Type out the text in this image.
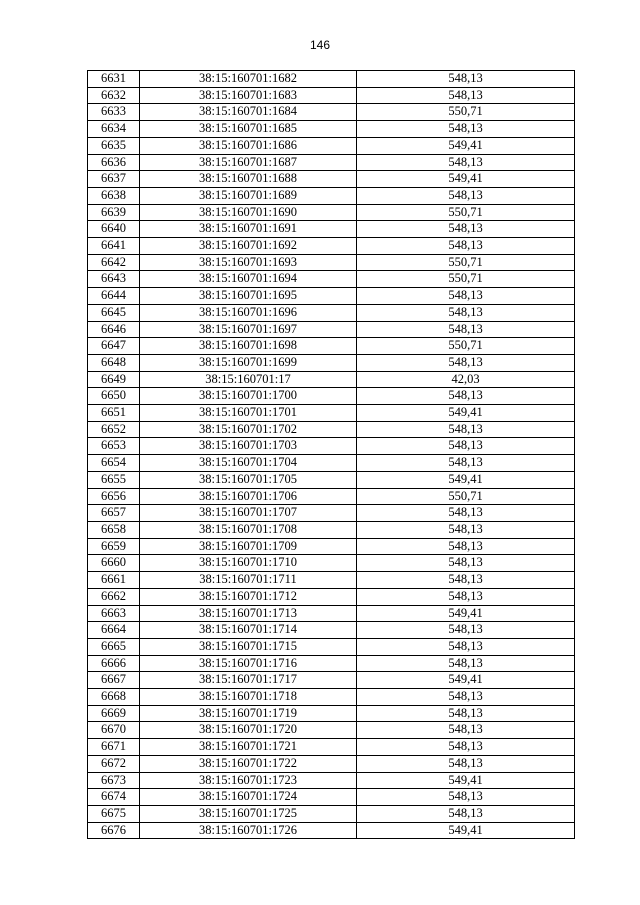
146
6631	38:15:160701:1682	548,13
6632	38:15:160701:1683	548,13
6633	38:15:160701:1684	550,71
6634	38:15:160701:1685	548,13
6635	38:15:160701:1686	549,41
6636	38:15:160701:1687	548,13
6637	38:15:160701:1688	549,41
6638	38:15:160701:1689	548,13
6639	38:15:160701:1690	550,71
6640	38:15:160701:1691	548,13
6641	38:15:160701:1692	548,13
6642	38:15:160701:1693	550,71
6643	38:15:160701:1694	550,71
6644	38:15:160701:1695	548,13
6645	38:15:160701:1696	548,13
6646	38:15:160701:1697	548,13
6647	38:15:160701:1698	550,71
6648	38:15:160701:1699	548,13
6649	38:15:160701:17	42,03
6650	38:15:160701:1700	548,13
6651	38:15:160701:1701	549,41
6652	38:15:160701:1702	548,13
6653	38:15:160701:1703	548,13
6654	38:15:160701:1704	548,13
6655	38:15:160701:1705	549,41
6656	38:15:160701:1706	550,71
6657	38:15:160701:1707	548,13
6658	38:15:160701:1708	548,13
6659	38:15:160701:1709	548,13
6660	38:15:160701:1710	548,13
6661	38:15:160701:1711	548,13
6662	38:15:160701:1712	548,13
6663	38:15:160701:1713	549,41
6664	38:15:160701:1714	548,13
6665	38:15:160701:1715	548,13
6666	38:15:160701:1716	548,13
6667	38:15:160701:1717	549,41
6668	38:15:160701:1718	548,13
6669	38:15:160701:1719	548,13
6670	38:15:160701:1720	548,13
6671	38:15:160701:1721	548,13
6672	38:15:160701:1722	548,13
6673	38:15:160701:1723	549,41
6674	38:15:160701:1724	548,13
6675	38:15:160701:1725	548,13
6676	38:15:160701:1726	549,41
